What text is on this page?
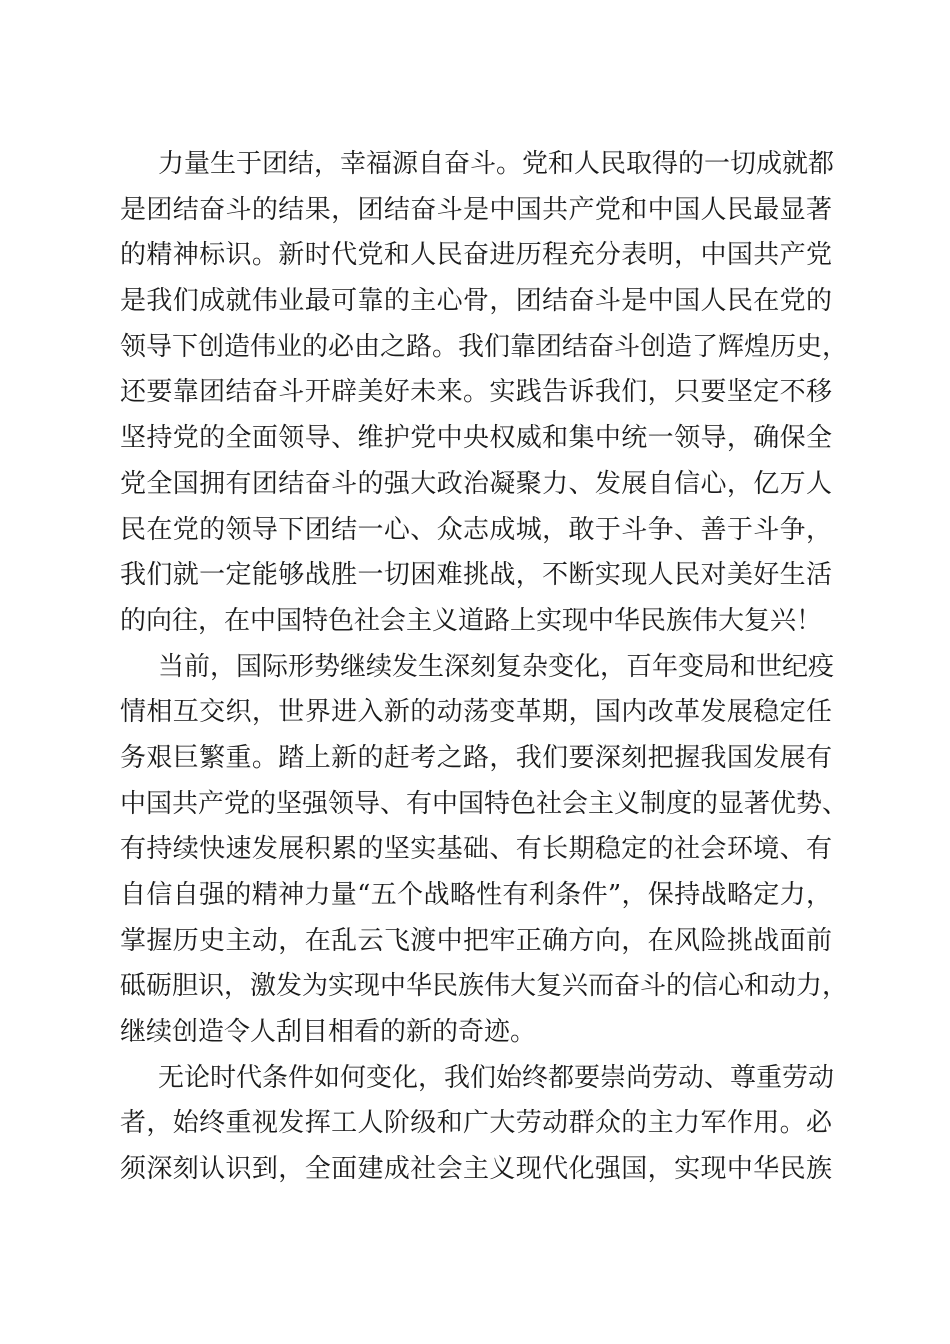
力量生于团结，幸福源自奋斗。党和人民取得的一切成就都
是团结奋斗的结果，团结奋斗是中国共产党和中国人民最显著
的精神标识。新时代党和人民奋进历程充分表明，中国共产党
是我们成就伟业最可靠的主心骨，团结奋斗是中国人民在党的
领导下创造伟业的必由之路。我们靠团结奋斗创造了辉煌历史，
还要靠团结奋斗开辟美好未来。实践告诉我们，只要坚定不移
坚持党的全面领导、维护党中央权威和集中统一领导，确保全
党全国拥有团结奋斗的强大政治凝聚力、发展自信心，亿万人
民在党的领导下团结一心、众志成城，敢于斗争、善于斗争，
我们就一定能够战胜一切困难挑战，不断实现人民对美好生活
的向往，在中国特色社会主义道路上实现中华民族伟大复兴！
当前，国际形势继续发生深刻复杂变化，百年变局和世纪疫
情相互交织，世界进入新的动荡变革期，国内改革发展稳定任
务艰巨繁重。踏上新的赶考之路，我们要深刻把握我国发展有
中国共产党的坚强领导、有中国特色社会主义制度的显著优势、
有持续快速发展积累的坚实基础、有长期稳定的社会环境、有
自信自强的精神力量“五个战略性有利条件”，保持战略定力，
掌握历史主动，在乱云飞渡中把牢正确方向，在风险挑战面前
砥砺胆识，激发为实现中华民族伟大复兴而奋斗的信心和动力，
继续创造令人刮目相看的新的奇迹。
无论时代条件如何变化，我们始终都要崇尚劳动、尊重劳动
者，始终重视发挥工人阶级和广大劳动群众的主力军作用。必
须深刻认识到，全面建成社会主义现代化强国，实现中华民族
